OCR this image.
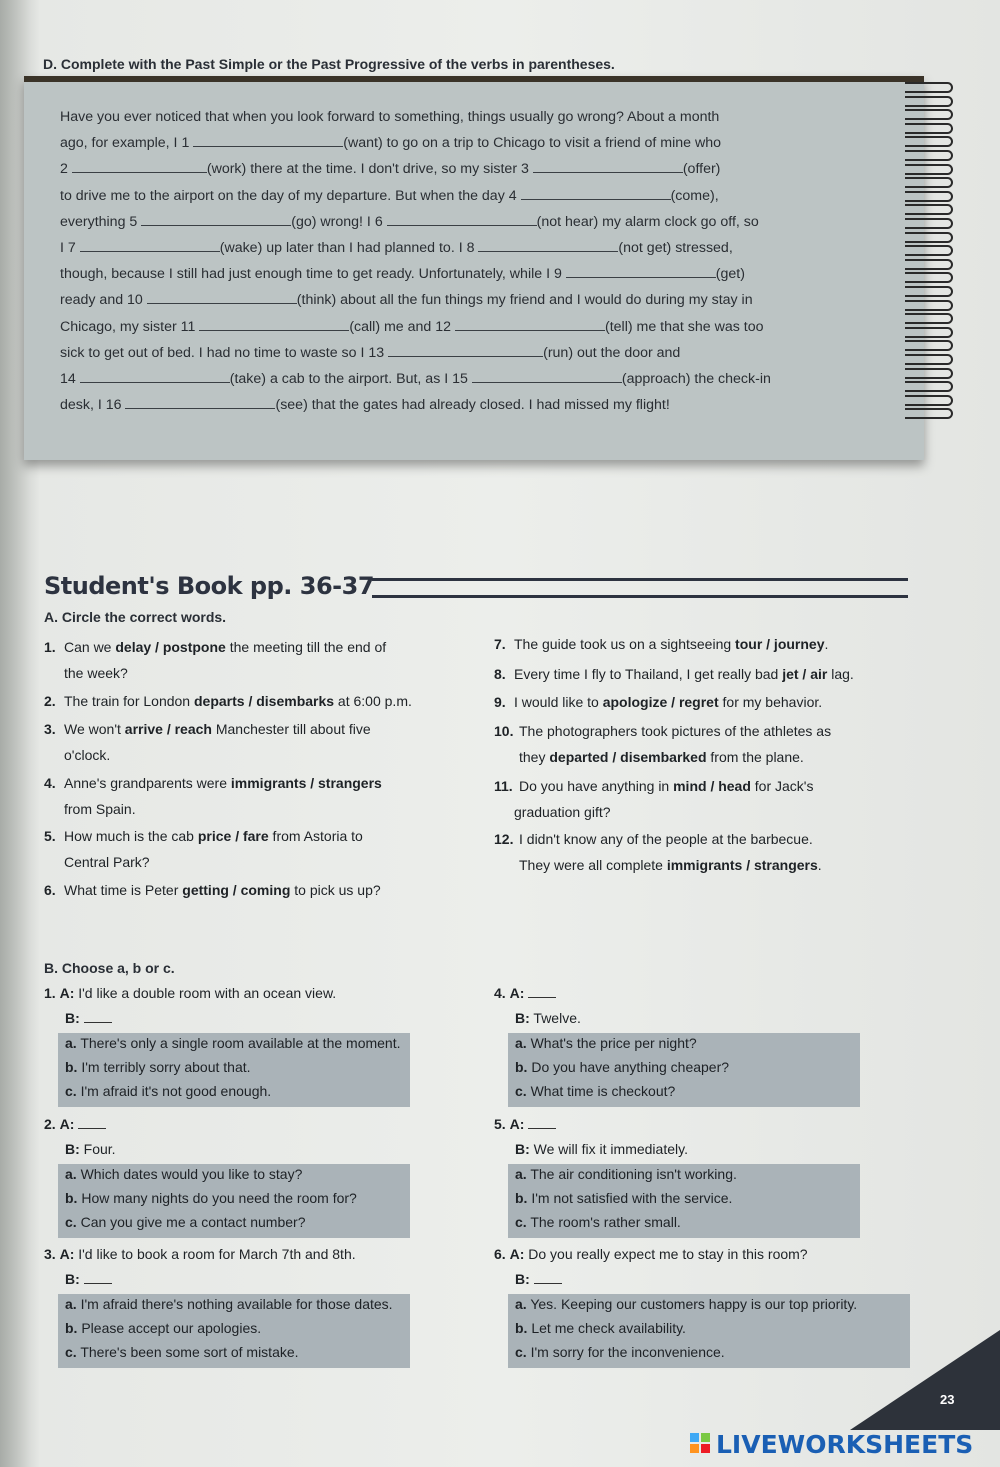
D. Complete with the Past Simple or the Past Progressive of the verbs in parentheses.
Have you ever noticed that when you look forward to something, things usually go wrong? About a month
ago, for example, I 1	(want) to go on a trip to Chicago to visit a friend of mine who
2	(work) there at the time. I don't drive, so my sister 3	(offer)
to drive me to the airport on the day of my departure. But when the day 4	(come),
everything 5	(go) wrong! I 6	(not hear) my alarm clock go off, so
I 7	(wake) up later than I had planned to. I 8	(not get) stressed,
though, because I still had just enough time to get ready. Unfortunately, while I 9	(get)
ready and 10	(think) about all the fun things my friend and I would do during my stay in
Chicago, my sister 11	(call) me and 12	(tell) me that she was too
sick to get out of bed. I had no time to waste so I 13	(run) out the door and
14	(take) a cab to the airport. But, as I 15	(approach) the check-in
desk, I 16	(see) that the gates had already closed. I had missed my flight!
Student's Book pp. 36-37
A. Circle the correct words.
1. Can we delay / postpone the meeting till the end of
the week?
2. The train for London departs / disembarks at 6:00 p.m.
3. We won't arrive / reach Manchester till about five
o'clock.
4. Anne's grandparents were immigrants / strangers
from Spain.
5. How much is the cab price / fare from Astoria to
Central Park?
6. What time is Peter getting / coming to pick us up?
7. The guide took us on a sightseeing tour / journey.
8. Every time I fly to Thailand, I get really bad jet / air lag.
9. I would like to apologize / regret for my behavior.
10. The photographers took pictures of the athletes as
they departed / disembarked from the plane.
11. Do you have anything in mind / head for Jack's
graduation gift?
12. I didn't know any of the people at the barbecue.
They were all complete immigrants / strangers.
B. Choose a, b or c.
1. A: I'd like a double room with an ocean view.
B:
a. There's only a single room available at the moment.
b. I'm terribly sorry about that.
c. I'm afraid it's not good enough.
2. A:
B: Four.
a. Which dates would you like to stay?
b. How many nights do you need the room for?
c. Can you give me a contact number?
3. A: I'd like to book a room for March 7th and 8th.
B:
a. I'm afraid there's nothing available for those dates.
b. Please accept our apologies.
c. There's been some sort of mistake.
4. A:
B: Twelve.
a. What's the price per night?
b. Do you have anything cheaper?
c. What time is checkout?
5. A:
B: We will fix it immediately.
a. The air conditioning isn't working.
b. I'm not satisfied with the service.
c. The room's rather small.
6. A: Do you really expect me to stay in this room?
B:
a. Yes. Keeping our customers happy is our top priority.
b. Let me check availability.
c. I'm sorry for the inconvenience.
23
LIVEWORKSHEETS
